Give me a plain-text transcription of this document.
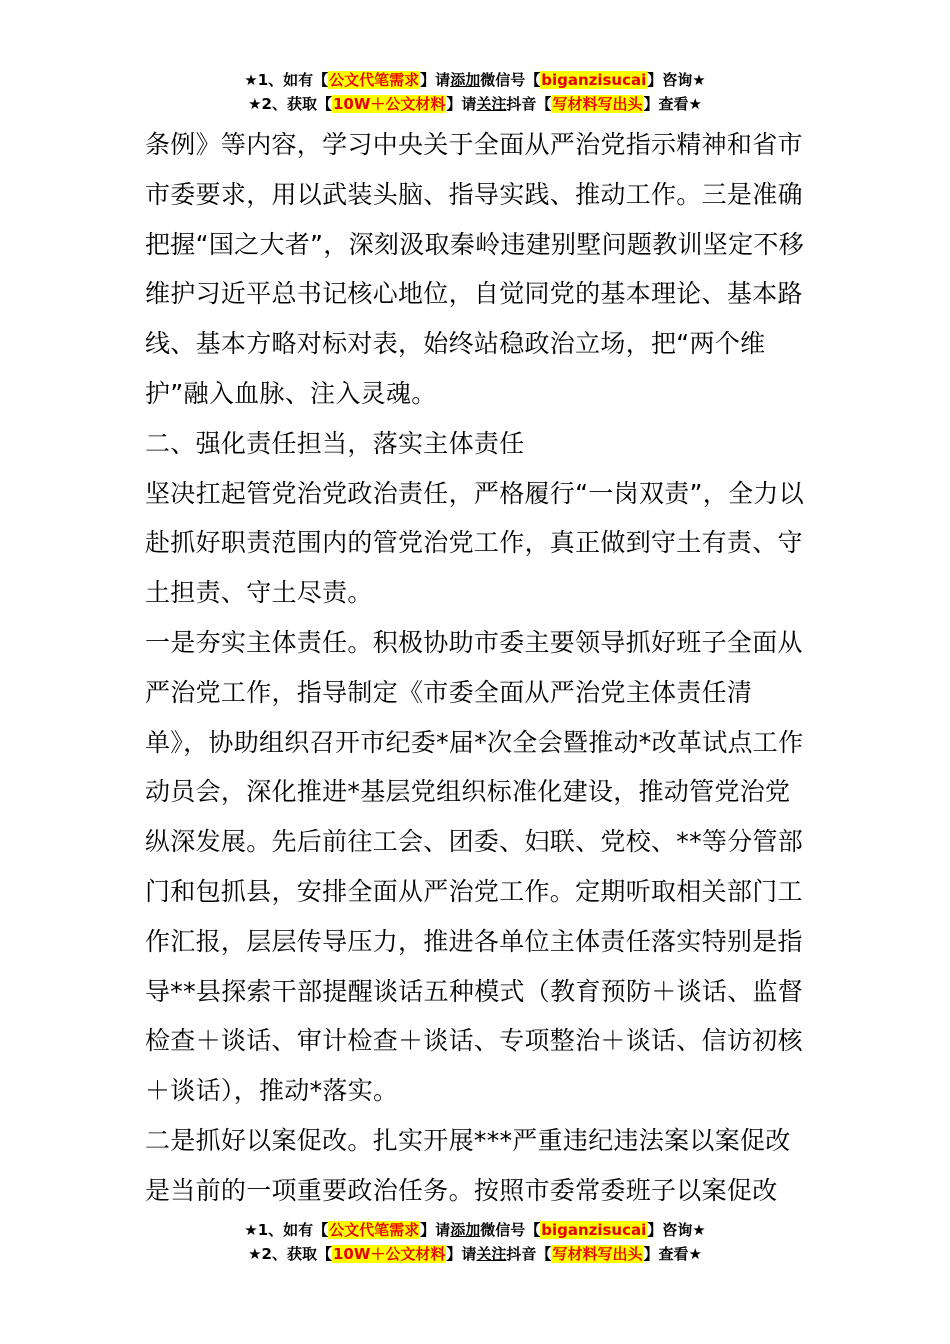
★1、如有【公文代笔需求】请添加微信号【biganzisucai】咨询★
★2、获取【10W＋公文材料】请关注抖音【写材料写出头】查看★

条例》等内容，学习中央关于全面从严治党指示精神和省市市委要求，用以武装头脑、指导实践、推动工作。三是准确把握“国之大者”，深刻汲取秦岭违建别墅问题教训坚定不移维护习近平总书记核心地位，自觉同党的基本理论、基本路线、基本方略对标对表，始终站稳政治立场，把“两个维护”融入血脉、注入灵魂。

二、强化责任担当，落实主体责任

坚决扛起管党治党政治责任，严格履行“一岗双责”，全力以赴抓好职责范围内的管党治党工作，真正做到守土有责、守土担责、守土尽责。

一是夯实主体责任。积极协助市委主要领导抓好班子全面从严治党工作，指导制定《市委全面从严治党主体责任清单》，协助组织召开市纪委*届*次全会暨推动*改革试点工作动员会，深化推进*基层党组织标准化建设，推动管党治党纵深发展。先后前往工会、团委、妇联、党校、**等分管部门和包抓县，安排全面从严治党工作。定期听取相关部门工作汇报，层层传导压力，推进各单位主体责任落实特别是指导**县探索干部提醒谈话五种模式（教育预防＋谈话、监督检查＋谈话、审计检查＋谈话、专项整治＋谈话、信访初核＋谈话），推动*落实。

二是抓好以案促改。扎实开展***严重违纪违法案以案促改是当前的一项重要政治任务。按照市委常委班子以案促改

★1、如有【公文代笔需求】请添加微信号【biganzisucai】咨询★
★2、获取【10W＋公文材料】请关注抖音【写材料写出头】查看★
